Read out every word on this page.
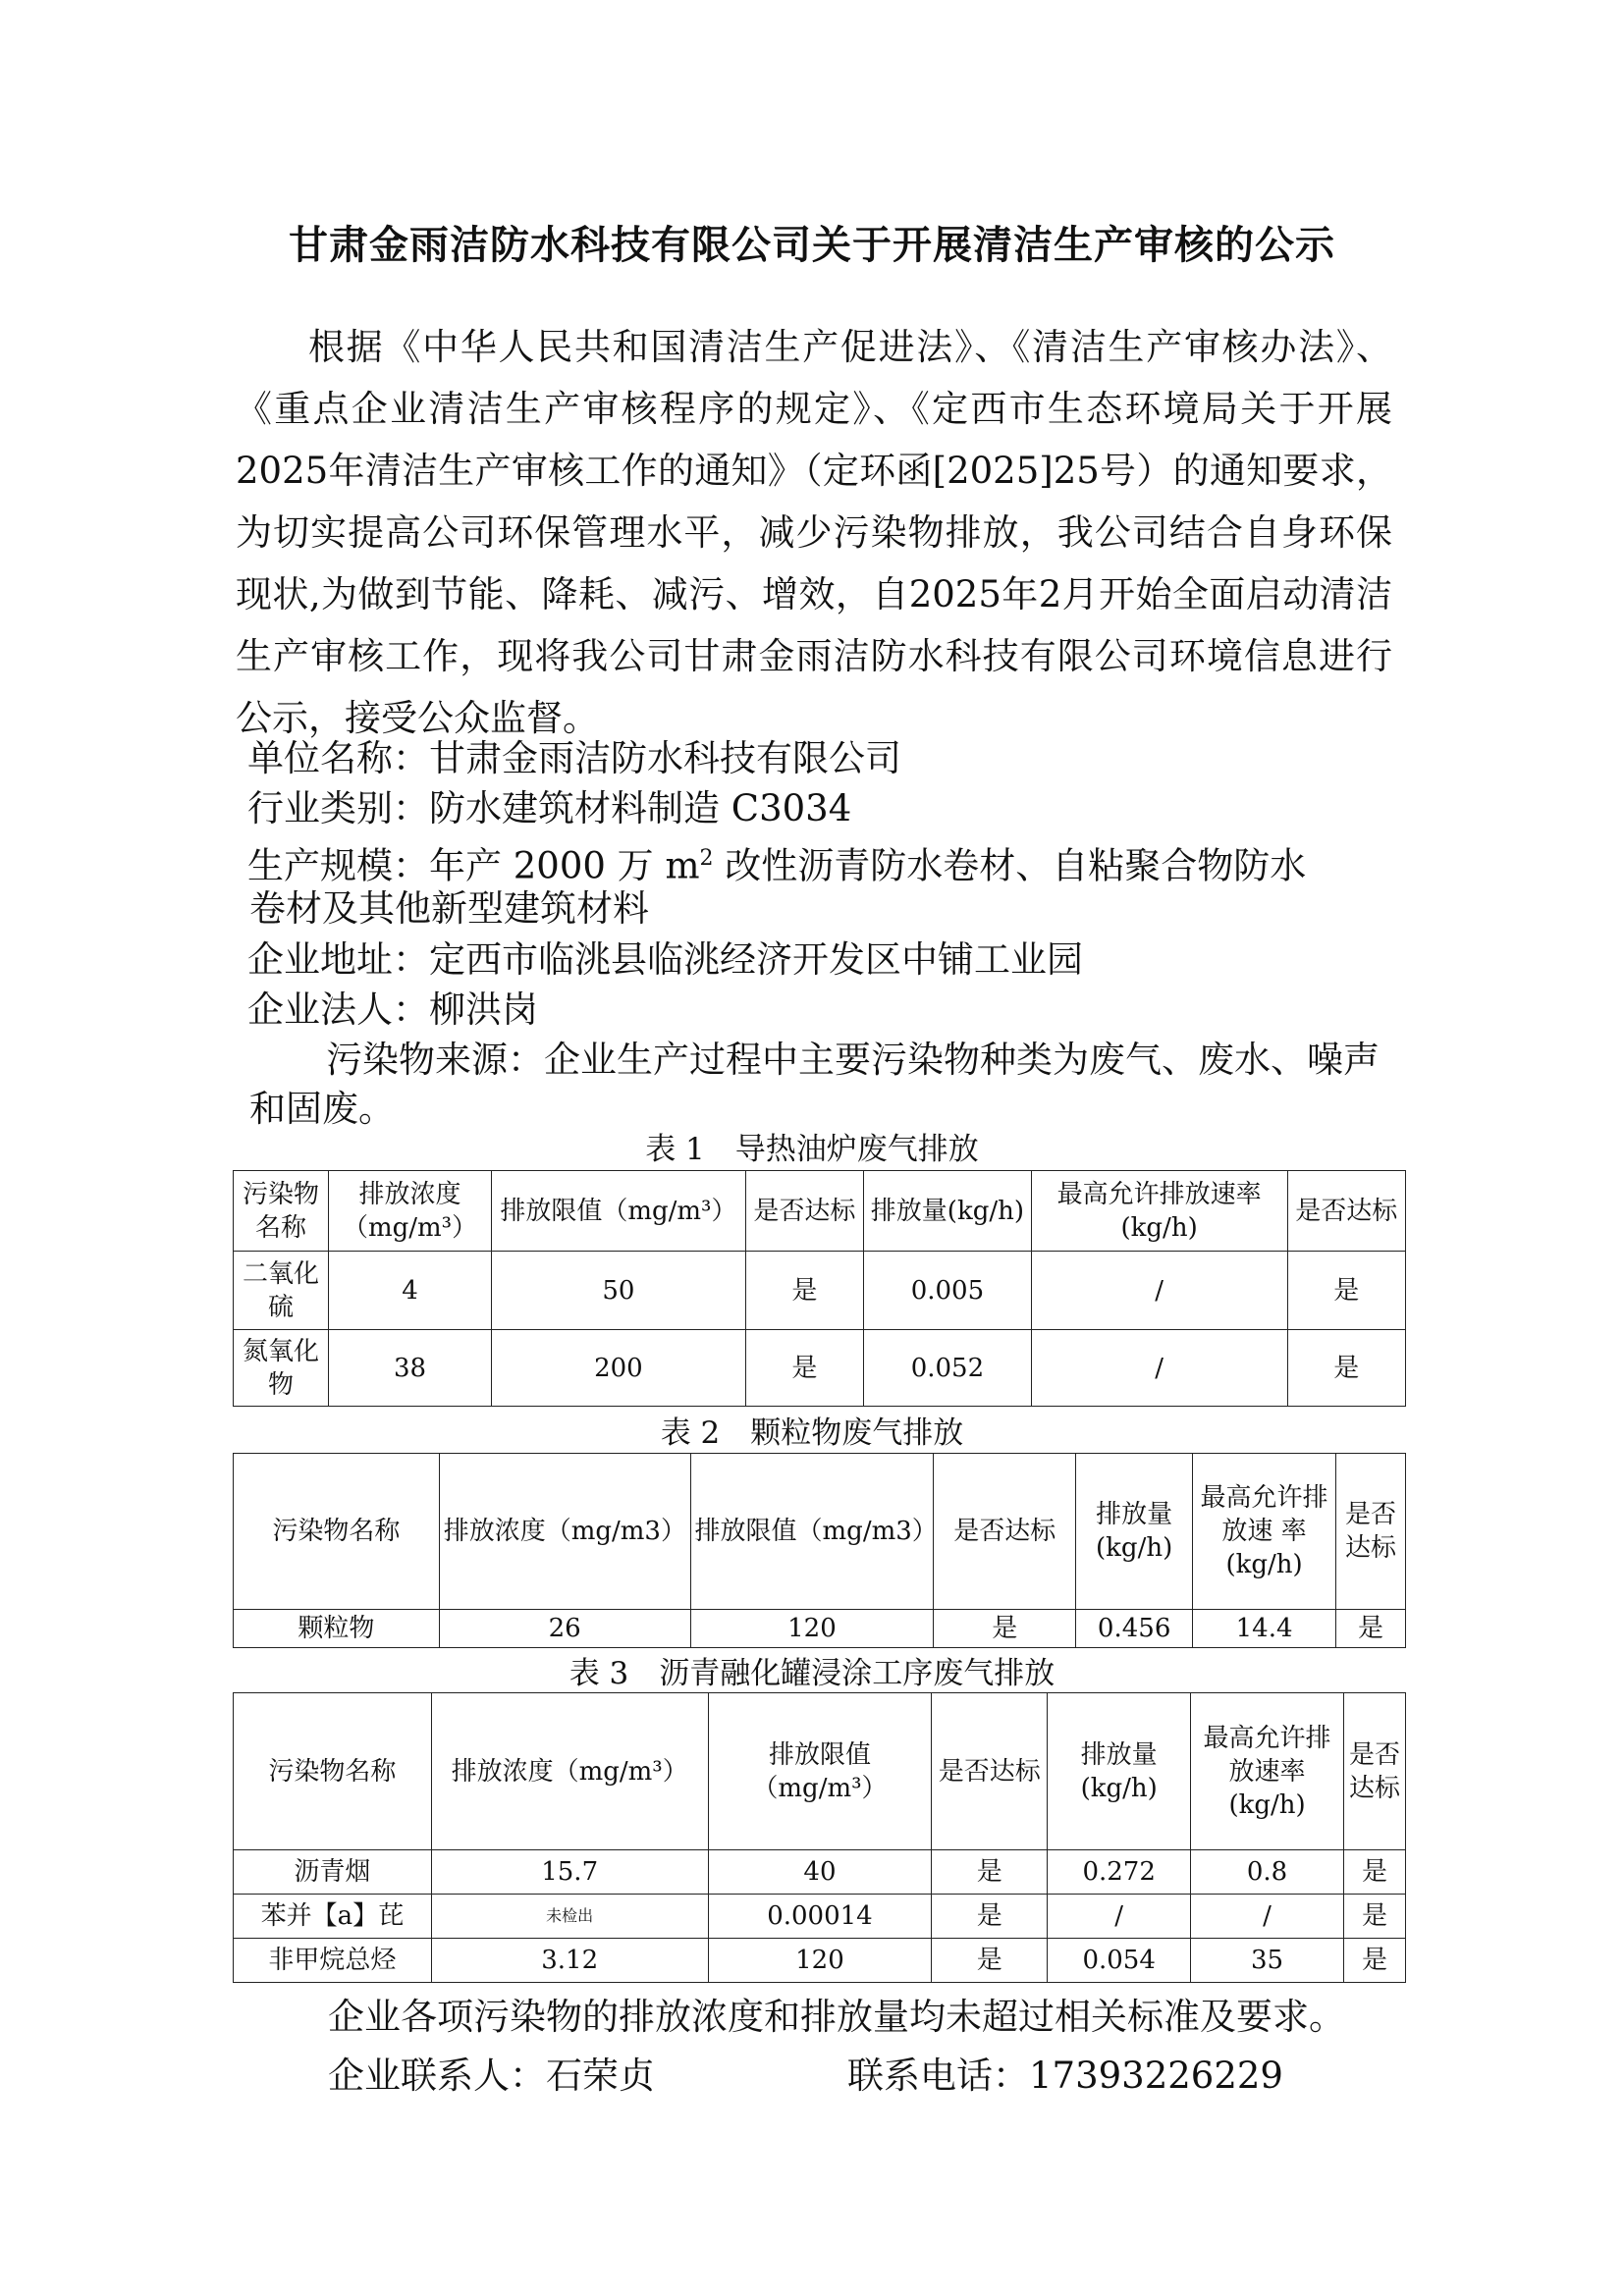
甘肃金雨洁防水科技有限公司关于开展清洁生产审核的公示
根据《中华人民共和国清洁生产促进法》、《清洁生产审核办法》、《重点企业清洁生产审核程序的规定》、《定西市生态环境局关于开展2025年清洁生产审核工作的通知》（定环函[2025]25号）的通知要求，为切实提高公司环保管理水平，减少污染物排放，我公司结合自身环保现状,为做到节能、降耗、减污、增效，自2025年2月开始全面启动清洁生产审核工作，现将我公司甘肃金雨洁防水科技有限公司环境信息进行公示，接受公众监督。
单位名称：甘肃金雨洁防水科技有限公司
行业类别：防水建筑材料制造 C3034
生产规模：年产 2000 万 $m^2$ 改性沥青防水卷材、自粘聚合物防水
卷材及其他新型建筑材料
企业地址：定西市临洮县临洮经济开发区中铺工业园
企业法人：柳洪岗
污染物来源：企业生产过程中主要污染物种类为废气、废水、噪声和固废。
表 1　导热油炉废气排放
污染物名称	排放浓度（mg/m³）	排放限值（mg/m³）	是否达标	排放量(kg/h)	最高允许排放速率(kg/h)	是否达标
二氧化硫	4	50	是	0.005	/	是
氮氧化物	38	200	是	0.052	/	是
表 2　颗粒物废气排放
污染物名称	排放浓度（mg/m3）	排放限值（mg/m3）	是否达标	排放量(kg/h)	最高允许排放速 率(kg/h)	是否达标
颗粒物	26	120	是	0.456	14.4	是
表 3　沥青融化罐浸涂工序废气排放
污染物名称	排放浓度（mg/m³）	排放限值（mg/m³）	是否达标	排放量(kg/h)	最高允许排放速率(kg/h)	是否达标
沥青烟	15.7	40	是	0.272	0.8	是
苯并【a】芘	未检出	0.00014	是	/	/	是
非甲烷总烃	3.12	120	是	0.054	35	是
企业各项污染物的排放浓度和排放量均未超过相关标准及要求。
企业联系人：石荣贞	联系电话：17393226229
